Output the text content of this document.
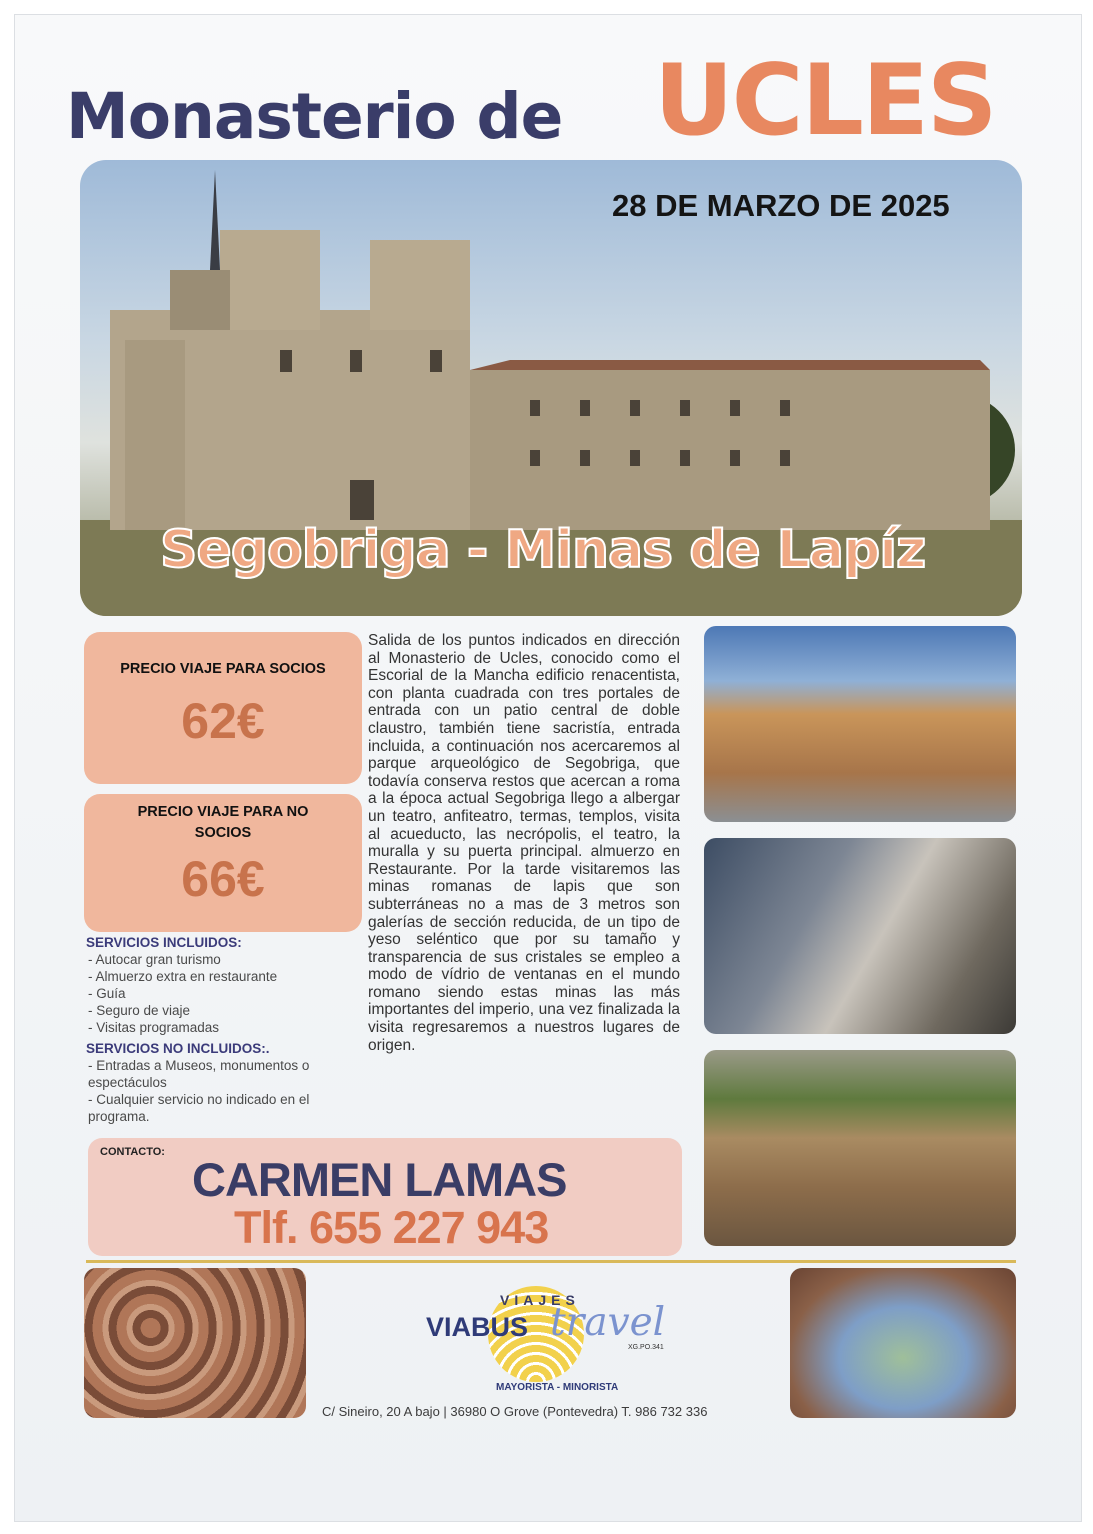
Monasterio de UCLES
28 DE MARZO DE 2025
Segobriga - Minas de Lapíz
PRECIO VIAJE PARA SOCIOS
62€
PRECIO VIAJE PARA NO SOCIOS
66€
SERVICIOS INCLUIDOS:
- Autocar gran turismo
- Almuerzo extra en restaurante
- Guía
- Seguro de viaje
- Visitas programadas
SERVICIOS NO INCLUIDOS:.
- Entradas a Museos, monumentos o espectáculos
- Cualquier servicio no indicado en el programa.
Salida de los puntos indicados en dirección al Monasterio de Ucles, conocido como el Escorial de la Mancha edificio renacentista, con planta cuadrada con tres portales de entrada con un patio central de doble claustro, también tiene sacristía, entrada incluida, a continuación nos acercaremos al parque arqueológico de Segobriga, que todavía conserva restos que acercan a roma a la época actual Segobriga llego a albergar un teatro, anfiteatro, termas, templos, visita al acueducto, las necrópolis, el teatro, la muralla y su puerta principal. almuerzo en Restaurante. Por la tarde visitaremos las minas romanas de lapis que son subterráneas no a mas de 3 metros son galerías de sección reducida, de un tipo de yeso seléntico que por su tamaño y transparencia de sus cristales se empleo a modo de vídrio de ventanas en el mundo romano siendo estas minas las más importantes del imperio, una vez finalizada la visita regresaremos a nuestros lugares de origen.
CONTACTO:
CARMEN LAMAS
Tlf. 655 227 943
VIAJES
VIABUS travel
XG.PO.341
MAYORISTA - MINORISTA
C/ Sineiro, 20 A bajo | 36980 O Grove (Pontevedra) T. 986 732 336
